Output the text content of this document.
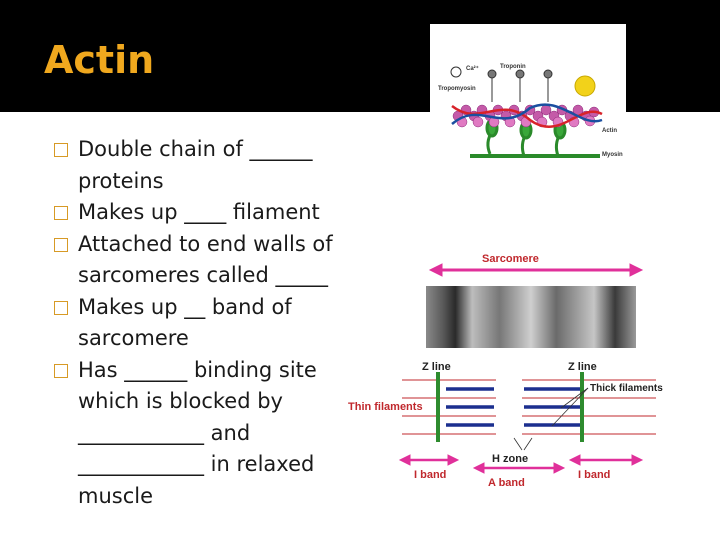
Actin
Double chain of ______ proteins
Makes up ____ filament
Attached to end walls of sarcomeres called _____
Makes up __ band of sarcomere
Has ______ binding site which is blocked by ____________ and ____________ in relaxed muscle
Ca²⁺
Tropomyosin
Troponin
Actin
Myosin
Sarcomere
Z line	Z line
Thick filaments
H zone
Thin filaments
I band
A band
I band
